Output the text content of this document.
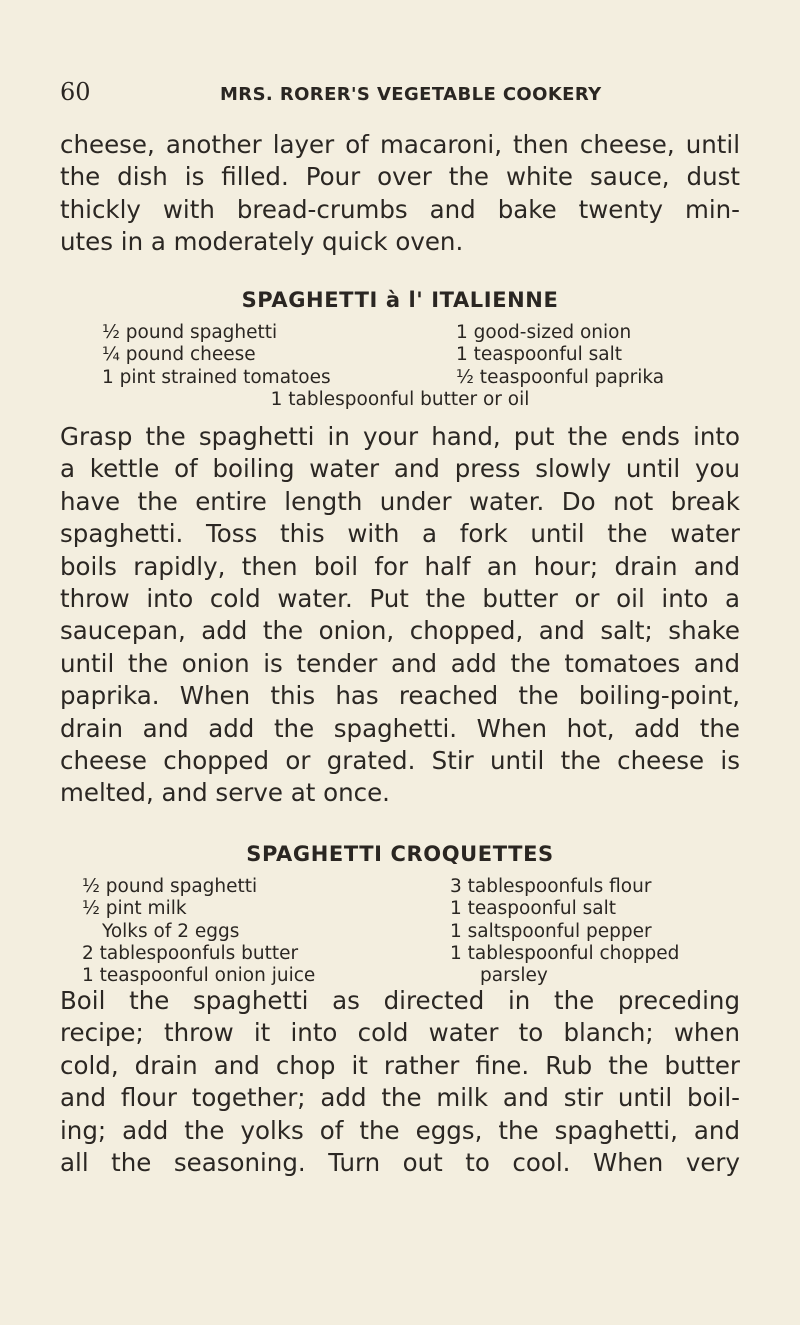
60	MRS. RORER'S VEGETABLE COOKERY
cheese, another layer of macaroni, then cheese, until
the dish is filled. Pour over the white sauce, dust
thickly with bread-crumbs and bake twenty min-
utes in a moderately quick oven.
SPAGHETTI à l' ITALIENNE
½ pound spaghetti
¼ pound cheese
1 pint strained tomatoes
1 good-sized onion
1 teaspoonful salt
½ teaspoonful paprika
1 tablespoonful butter or oil
Grasp the spaghetti in your hand, put the ends into
a kettle of boiling water and press slowly until you
have the entire length under water. Do not break
spaghetti. Toss this with a fork until the water
boils rapidly, then boil for half an hour; drain and
throw into cold water. Put the butter or oil into a
saucepan, add the onion, chopped, and salt; shake
until the onion is tender and add the tomatoes and
paprika. When this has reached the boiling-point,
drain and add the spaghetti. When hot, add the
cheese chopped or grated. Stir until the cheese is
melted, and serve at once.
SPAGHETTI CROQUETTES
½ pound spaghetti
½ pint milk
Yolks of 2 eggs
2 tablespoonfuls butter
1 teaspoonful onion juice
3 tablespoonfuls flour
1 teaspoonful salt
1 saltspoonful pepper
1 tablespoonful chopped
parsley
Boil the spaghetti as directed in the preceding
recipe; throw it into cold water to blanch; when
cold, drain and chop it rather fine. Rub the butter
and flour together; add the milk and stir until boil-
ing; add the yolks of the eggs, the spaghetti, and
all the seasoning. Turn out to cool. When very
